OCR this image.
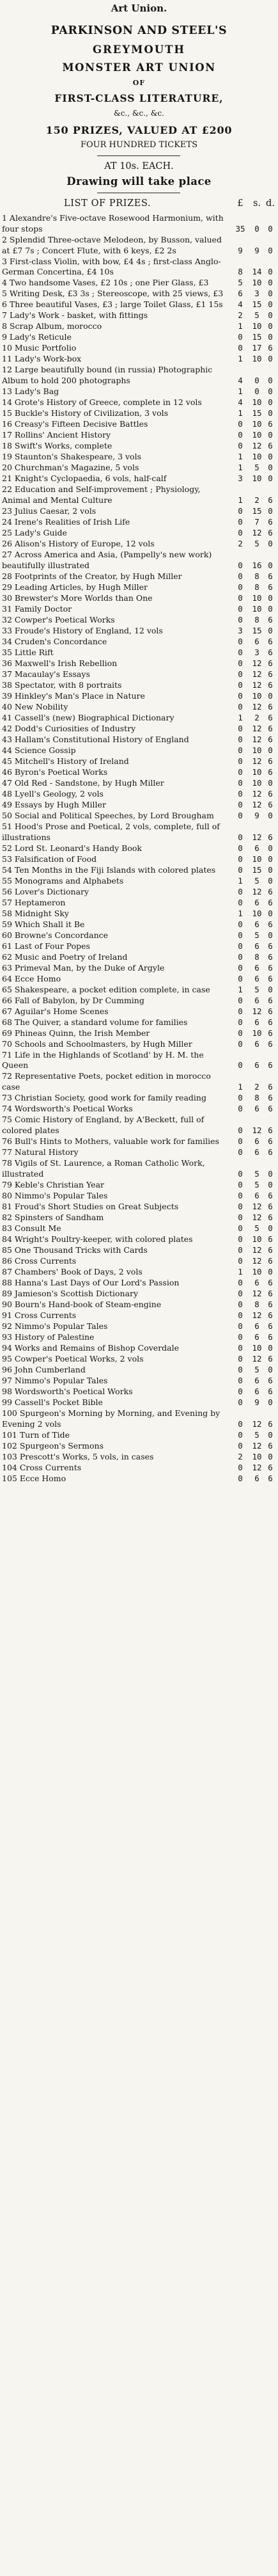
Art Union.
PARKINSON AND STEEL'S
GREYMOUTH
MONSTER ART UNION
OF
FIRST-CLASS LITERATURE,
&c., &c., &c.
150 PRIZES, VALUED AT £200
FOUR HUNDRED TICKETS
AT 10s. EACH.
Drawing will take place
LIST OF PRIZES.	£	s. d.
1 Alexandre's Five-octave Rosewood Harmonium, with four stops	35	0	0
2 Splendid Three-octave Melodeon, by Busson, valued at £7 7s ; Concert Flute, with 6 keys, £2 2s	9	9	0
3 First-class Violin, with bow, £4 4s ; first-class Anglo-German Concertina, £4 10s	8	14 0
4 Two handsome Vases, £2 10s ; one Pier Glass, £3	5	10 0
5 Writing Desk, £3 3s ; Stereoscope, with 25 views, £3	6	3	0
6 Three beautiful Vases, £3 ; large Toilet Glass, £1 15s	4	15 0
7 Lady's Work - basket, with fittings	2	5	0
8 Scrap Album, morocco	1	10 0
9 Lady's Reticule	0	15 0
10 Music Portfolio	0	17 6
11 Lady's Work-box	1	10 0
12 Large beautifully bound (in russia) Photographic Album to hold 200 photographs	4	0	0
13 Lady's Bag	1	0	0
14 Grote's History of Greece, complete in 12 vols	4	10 0
15 Buckle's History of Civilization, 3 vols	1	15 0
16 Creasy's Fifteen Decisive Battles	0	10 6
17 Rollins' Ancient History	0	10 0
18 Swift's Works, complete	0	12 6
19 Staunton's Shakespeare, 3 vols	1	10 0
20 Churchman's Magazine, 5 vols	1	5	0
21 Knight's Cyclopaedia, 6 vols, half-calf	3	10 0
22 Education and Self-improvement ; Physiology, Animal and Mental Culture	1	2	6
23 Julius Caesar, 2 vols	0	15 0
24 Irene's Realities of Irish Life	0	7	6
25 Lady's Guide	0	12 6
26 Alison's History of Europe, 12 vols	2	5	0
27 Across America and Asia, (Pampelly's new work) beautifully illustrated	0	16 0
28 Footprints of the Creator, by Hugh Miller	0	8	6
29 Leading Articles, by Hugh Miller	0	8	6
30 Brewster's More Worlds than One	0	10 0
31 Family Doctor	0	10 0
32 Cowper's Poetical Works	0	8	6
33 Froude's History of England, 12 vols	3	15 0
34 Cruden's Concordance	0	6	6
35 Little Rift	0	3	6
36 Maxwell's Irish Rebellion	0	12 6
37 Macaulay's Essays	0	12 6
38 Spectator, with 8 portraits	0	12 6
39 Hinkley's Man's Place in Nature	0	10 0
40 New Nobility	0	12 6
41 Cassell's (new) Biographical Dictionary	1	2	6
42 Dodd's Curiosities of Industry	0	12 6
43 Hallam's Constitutional History of England	0	12 6
44 Science Gossip	0	10 0
45 Mitchell's History of Ireland	0	12 6
46 Byron's Poetical Works	0	10 6
47 Old Red - Sandstone, by Hugh Miller	0	10 0
48 Lyell's Geology, 2 vols	0	12 6
49 Essays by Hugh Miller	0	12 6
50 Social and Political Speeches, by Lord Brougham	0	9	0
51 Hood's Prose and Poetical, 2 vols, complete, full of illustrations	0	12 6
52 Lord St. Leonard's Handy Book	0	6	0
53 Falsification of Food	0	10 0
54 Ten Months in the Fiji Islands with colored plates	0	15 0
55 Monograms and Alphabets	1	5	0
56 Lover's Dictionary	0	12 6
57 Heptameron	0	6	6
58 Midnight Sky	1	10 0
59 Which Shall it Be	0	6	6
60 Browne's Concordance	0	5	0
61 Last of Four Popes	0	6	6
62 Music and Poetry of Ireland	0	8	6
63 Primeval Man, by the Duke of Argyle	0	6	6
64 Ecce Homo	0	6	6
65 Shakespeare, a pocket edition complete, in case	1	5	0
66 Fall of Babylon, by Dr Cumming	0	6	6
67 Aguilar's Home Scenes	0	12 6
68 The Quiver, a standard volume for families	0	6	6
69 Phineas Quinn, the Irish Member	0	10 6
70 Schools and Schoolmasters, by Hugh Miller	0	6	6
71 Life in the Highlands of Scotland' by H. M. the Queen	0	6	6
72 Representative Poets, pocket edition in morocco case	1	2	6
73 Christian Society, good work for family reading	0	8	6
74 Wordsworth's Poetical Works	0	6	6
75 Comic History of England, by A'Beckett, full of colored plates	0	12 6
76 Bull's Hints to Mothers, valuable work for families	0	6	6
77 Natural History	0	6	6
78 Vigils of St. Laurence, a Roman Catholic Work, illustrated	0	5	0
79 Keble's Christian Year	0	5	0
80 Nimmo's Popular Tales	0	6	6
81 Froud's Short Studies on Great Subjects	0	12 6
82 Spinsters of Sandham	0	12 6
83 Consult Me	0	5	0
84 Wright's Poultry-keeper, with colored plates	0	10 6
85 One Thousand Tricks with Cards	0	12 6
86 Cross Currents	0	12 6
87 Chambers' Book of Days, 2 vols	1	10 0
88 Hanna's Last Days of Our Lord's Passion	0	6	6
89 Jamieson's Scottish Dictionary	0	12 6
90 Bourn's Hand-book of Steam-engine	0	8	6
91 Cross Currents	0	12 6
92 Nimmo's Popular Tales	0	6	6
93 History of Palestine	0	6	6
94 Works and Remains of Bishop Coverdale	0	10 0
95 Cowper's Poetical Works, 2 vols	0	12 6
96 John Cumberland	0	5	0
97 Nimmo's Popular Tales	0	6	6
98 Wordsworth's Poetical Works	0	6	6
99 Cassell's Pocket Bible	0	9	0
100 Spurgeon's Morning by Morning, and Evening by Evening 2 vols	0	12 6
101 Turn of Tide	0	5	0
102 Spurgeon's Sermons	0	12 6
103 Prescott's Works, 5 vols, in cases	2	10 0
104 Cross Currents	0	12 6
105 Ecce Homo	0	6	6
